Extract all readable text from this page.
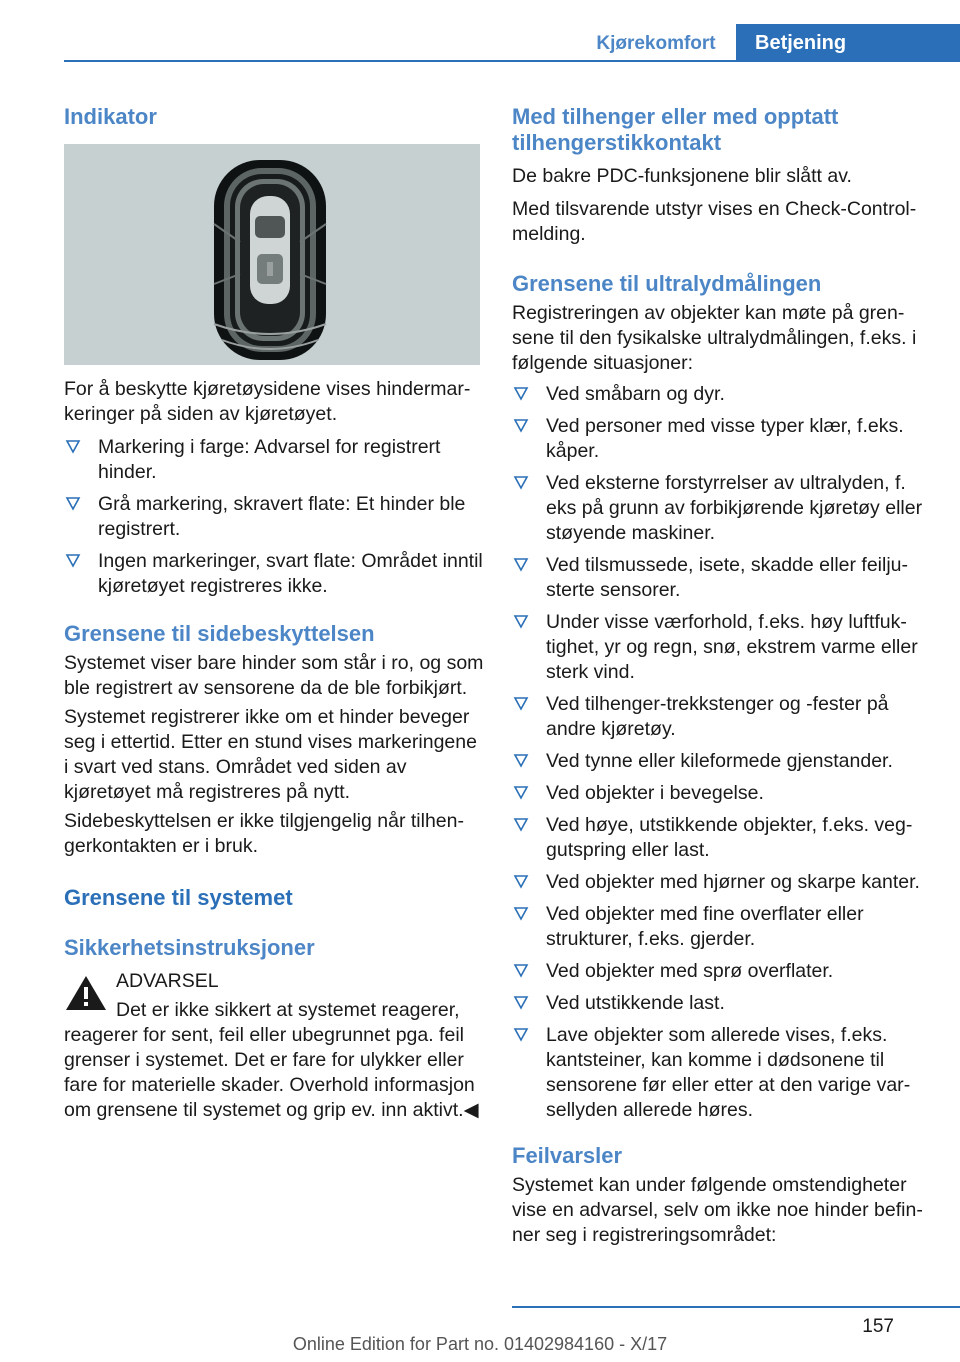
Kjørekomfort	Betjening
Indikator
For å beskytte kjøretøysidene vises hindermarkeringer på siden av kjøretøyet.
Markering i farge: Advarsel for registrert hinder.
Grå markering, skravert flate: Et hinder ble registrert.
Ingen markeringer, svart flate: Området inntil kjøretøyet registreres ikke.
Grensene til sidebeskyttelsen
Systemet viser bare hinder som står i ro, og som ble registrert av sensorene da de ble forbikjørt.
Systemet registrerer ikke om et hinder beveger seg i ettertid. Etter en stund vises markeringene i svart ved stans. Området ved siden av kjøretøyet må registreres på nytt.
Sidebeskyttelsen er ikke tilgjengelig når tilhengerkontakten er i bruk.
Grensene til systemet
Sikkerhetsinstruksjoner
ADVARSEL
Det er ikke sikkert at systemet reagerer,
reagerer for sent, feil eller ubegrunnet pga. feil grenser i systemet. Det er fare for ulykker eller fare for materielle skader. Overhold informasjon om grensene til systemet og grip ev. inn aktivt.◀
Med tilhenger eller med opptatt tilhengerstikkontakt
De bakre PDC-funksjonene blir slått av.
Med tilsvarende utstyr vises en Check-Control-melding.
Grensene til ultralydmålingen
Registreringen av objekter kan møte på grensene til den fysikalske ultralydmålingen, f.eks. i følgende situasjoner:
Ved småbarn og dyr.
Ved personer med visse typer klær, f.eks. kåper.
Ved eksterne forstyrrelser av ultralyden, f. eks på grunn av forbikjørende kjøretøy eller støyende maskiner.
Ved tilsmussede, isete, skadde eller feiljusterte sensorer.
Under visse værforhold, f.eks. høy luftfuktighet, yr og regn, snø, ekstrem varme eller sterk vind.
Ved tilhenger-trekkstenger og -fester på andre kjøretøy.
Ved tynne eller kileformede gjenstander.
Ved objekter i bevegelse.
Ved høye, utstikkende objekter, f.eks. veggutspring eller last.
Ved objekter med hjørner og skarpe kanter.
Ved objekter med fine overflater eller strukturer, f.eks. gjerder.
Ved objekter med sprø overflater.
Ved utstikkende last.
Lave objekter som allerede vises, f.eks. kantsteiner, kan komme i dødsonene til sensorene før eller etter at den varige varsellyden allerede høres.
Feilvarsler
Systemet kan under følgende omstendigheter vise en advarsel, selv om ikke noe hinder befinner seg i registreringsområdet:
157
Online Edition for Part no. 01402984160 - X/17
